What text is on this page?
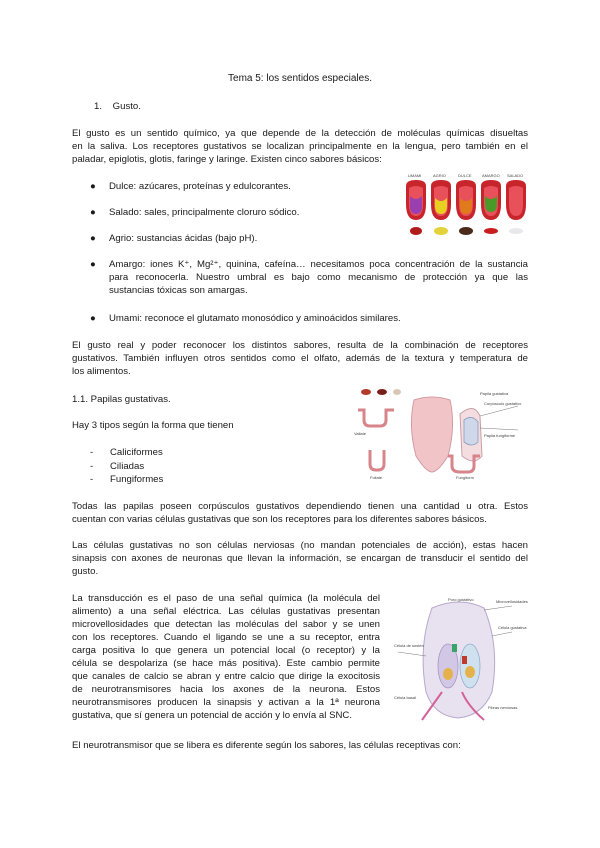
Tema 5: los sentidos especiales.
1. Gusto.
El gusto es un sentido químico, ya que depende de la detección de moléculas químicas disueltas
en la saliva. Los receptores gustativos se localizan principalmente en la lengua, pero también en el
paladar, epiglotis, glotis, faringe y laringe. Existen cinco sabores básicos:
●	Dulce: azúcares, proteínas y edulcorantes.
●	Salado: sales, principalmente cloruro sódico.
●	Agrio: sustancias ácidas (bajo pH).
●	Amargo: iones K⁺, Mg²⁺, quinina, cafeína… necesitamos poca concentración de la sustancia
para reconocerla. Nuestro umbral es bajo como mecanismo de protección ya que las
sustancias tóxicas son amargas.
●	Umami: reconoce el glutamato monosódico y aminoácidos similares.
UMAMI	AGRIO	DULCE	AMARGO SALADO
El gusto real y poder reconocer los distintos sabores, resulta de la combinación de receptores
gustativos. También influyen otros sentidos como el olfato, además de la textura y temperatura de
los alimentos.
1.1. Papilas gustativas.
Hay 3 tipos según la forma que tienen
- Caliciformes
- Ciliadas
- Fungiformes
Vallate
Foliate	Fungiform
Papila gustativa
Corpúsculo gustativo
Papila fungiforme
Todas las papilas poseen corpúsculos gustativos dependiendo tienen una cantidad u otra. Estos
cuentan con varias células gustativas que son los receptores para los diferentes sabores básicos.
Las células gustativas no son células nerviosas (no mandan potenciales de acción), estas hacen
sinapsis con axones de neuronas que llevan la información, se encargan de transducir el sentido del
gusto.
La transducción es el paso de una señal química (la molécula del
alimento) a una señal eléctrica. Las células gustativas presentan
microvellosidades que detectan las moléculas del sabor y se unen
con los receptores. Cuando el ligando se une a su receptor, entra
carga positiva lo que genera un potencial local (o receptor) y la
célula se despolariza (se hace más positiva). Este cambio permite
que canales de calcio se abran y entre calcio que dirige la exocitosis
de neurotransmisores hacia los axones de la neurona. Estos
neurotransmisores producen la sinapsis y activan a la 1ª neurona
gustativa, que sí genera un potencial de acción y lo envía al SNC.
Poro gustativo	Microvellosidades
Célula gustativa
Célula de sostén
Célula basal
Fibras nerviosas
El neurotransmisor que se libera es diferente según los sabores, las células receptivas con:
